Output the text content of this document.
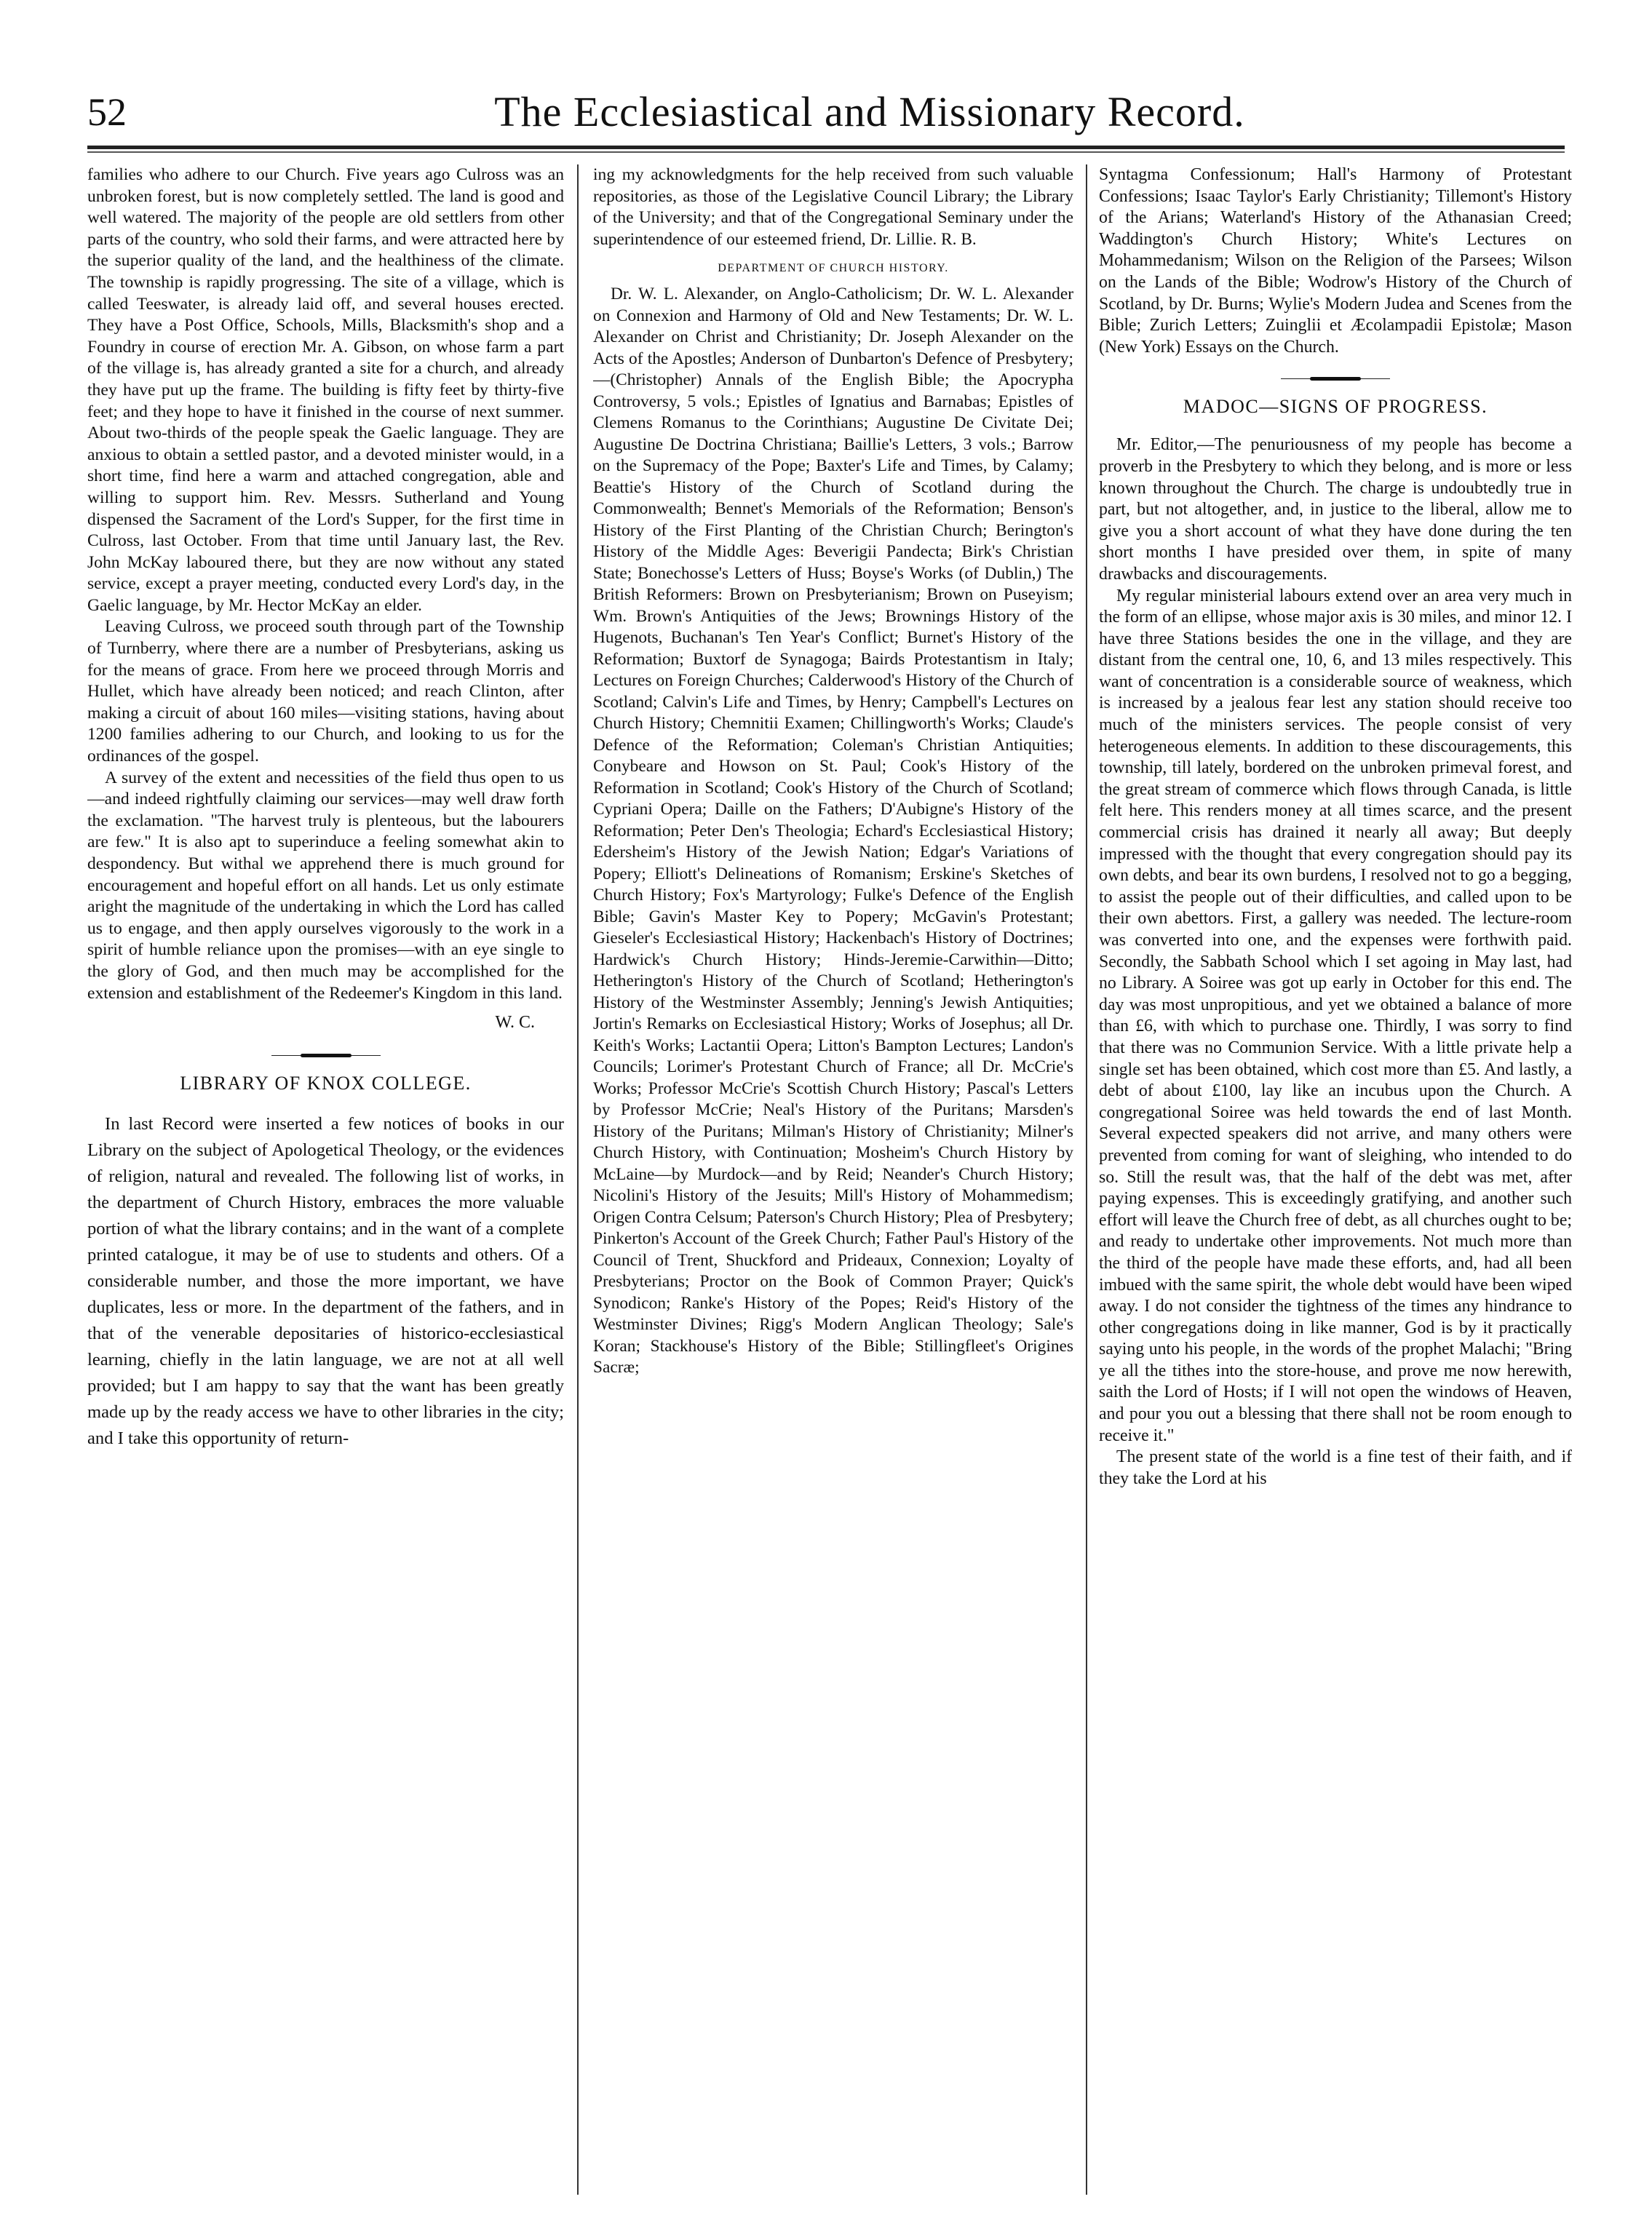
52	The Ecclesiastical and Missionary Record.

families who adhere to our Church. Five years ago Culross was an unbroken forest, but is now completely settled. The land is good and well watered. The majority of the people are old settlers from other parts of the country, who sold their farms, and were attracted here by the superior quality of the land, and the healthiness of the climate. The township is rapidly progressing. The site of a village, which is called Teeswater, is already laid off, and several houses erected. They have a Post Office, Schools, Mills, Blacksmith's shop and a Foundry in course of erection Mr. A. Gibson, on whose farm a part of the village is, has already granted a site for a church, and already they have put up the frame. The building is fifty feet by thirty-five feet; and they hope to have it finished in the course of next summer. About two-thirds of the people speak the Gaelic language. They are anxious to obtain a settled pastor, and a devoted minister would, in a short time, find here a warm and attached congregation, able and willing to support him. Rev. Messrs. Sutherland and Young dispensed the Sacrament of the Lord's Supper, for the first time in Culross, last October. From that time until January last, the Rev. John McKay laboured there, but they are now without any stated service, except a prayer meeting, conducted every Lord's day, in the Gaelic language, by Mr. Hector McKay an elder.

Leaving Culross, we proceed south through part of the Township of Turnberry, where there are a number of Presbyterians, asking us for the means of grace. From here we proceed through Morris and Hullet, which have already been noticed; and reach Clinton, after making a circuit of about 160 miles—visiting stations, having about 1200 families adhering to our Church, and looking to us for the ordinances of the gospel.

A survey of the extent and necessities of the field thus open to us—and indeed rightfully claiming our services—may well draw forth the exclamation. "The harvest truly is plenteous, but the labourers are few." It is also apt to superinduce a feeling somewhat akin to despondency. But withal we apprehend there is much ground for encouragement and hopeful effort on all hands. Let us only estimate aright the magnitude of the undertaking in which the Lord has called us to engage, and then apply ourselves vigorously to the work in a spirit of humble reliance upon the promises—with an eye single to the glory of God, and then much may be accomplished for the extension and establishment of the Redeemer's Kingdom in this land.

W. C.
LIBRARY OF KNOX COLLEGE.

In last Record were inserted a few notices of books in our Library on the subject of Apologetical Theology, or the evidences of religion, natural and revealed. The following list of works, in the department of Church History, embraces the more valuable portion of what the library contains; and in the want of a complete printed catalogue, it may be of use to students and others. Of a considerable number, and those the more important, we have duplicates, less or more. In the department of the fathers, and in that of the venerable depositaries of historico-ecclesiastical learning, chiefly in the latin language, we are not at all well provided; but I am happy to say that the want has been greatly made up by the ready access we have to other libraries in the city; and I take this opportunity of return-

ing my acknowledgments for the help received from such valuable repositories, as those of the Legislative Council Library; the Library of the University; and that of the Congregational Seminary under the superintendence of our esteemed friend, Dr. Lillie. R. B.

DEPARTMENT OF CHURCH HISTORY.

Dr. W. L. Alexander, on Anglo-Catholicism; Dr. W. L. Alexander on Connexion and Harmony of Old and New Testaments; Dr. W. L. Alexander on Christ and Christianity; Dr. Joseph Alexander on the Acts of the Apostles; Anderson of Dunbarton's Defence of Presbytery;—(Christopher) Annals of the English Bible; the Apocrypha Controversy, 5 vols.; Epistles of Ignatius and Barnabas; Epistles of Clemens Romanus to the Corinthians; Augustine De Civitate Dei; Augustine De Doctrina Christiana; Baillie's Letters, 3 vols.; Barrow on the Supremacy of the Pope; Baxter's Life and Times, by Calamy; Beattie's History of the Church of Scotland during the Commonwealth; Bennet's Memorials of the Reformation; Benson's History of the First Planting of the Christian Church; Berington's History of the Middle Ages: Beverigii Pandecta; Birk's Christian State; Bonechosse's Letters of Huss; Boyse's Works (of Dublin,) The British Reformers: Brown on Presbyterianism; Brown on Puseyism; Wm. Brown's Antiquities of the Jews; Brownings History of the Hugenots, Buchanan's Ten Year's Conflict; Burnet's History of the Reformation; Buxtorf de Synagoga; Bairds Protestantism in Italy; Lectures on Foreign Churches; Calderwood's History of the Church of Scotland; Calvin's Life and Times, by Henry; Campbell's Lectures on Church History; Chemnitii Examen; Chillingworth's Works; Claude's Defence of the Reformation; Coleman's Christian Antiquities; Conybeare and Howson on St. Paul; Cook's History of the Reformation in Scotland; Cook's History of the Church of Scotland; Cypriani Opera; Daille on the Fathers; D'Aubigne's History of the Reformation; Peter Den's Theologia; Echard's Ecclesiastical History; Edersheim's History of the Jewish Nation; Edgar's Variations of Popery; Elliott's Delineations of Romanism; Erskine's Sketches of Church History; Fox's Martyrology; Fulke's Defence of the English Bible; Gavin's Master Key to Popery; McGavin's Protestant; Gieseler's Ecclesiastical History; Hackenbach's History of Doctrines; Hardwick's Church History; Hinds-Jeremie-Carwithin—Ditto; Hetherington's History of the Church of Scotland; Hetherington's History of the Westminster Assembly; Jenning's Jewish Antiquities; Jortin's Remarks on Ecclesiastical History; Works of Josephus; all Dr. Keith's Works; Lactantii Opera; Litton's Bampton Lectures; Landon's Councils; Lorimer's Protestant Church of France; all Dr. McCrie's Works; Professor McCrie's Scottish Church History; Pascal's Letters by Professor McCrie; Neal's History of the Puritans; Marsden's History of the Puritans; Milman's History of Christianity; Milner's Church History, with Continuation; Mosheim's Church History by McLaine—by Murdock—and by Reid; Neander's Church History; Nicolini's History of the Jesuits; Mill's History of Mohammedism; Origen Contra Celsum; Paterson's Church History; Plea of Presbytery; Pinkerton's Account of the Greek Church; Father Paul's History of the Council of Trent, Shuckford and Prideaux, Connexion; Loyalty of Presbyterians; Proctor on the Book of Common Prayer; Quick's Synodicon; Ranke's History of the Popes; Reid's History of the Westminster Divines; Rigg's Modern Anglican Theology; Sale's Koran; Stackhouse's History of the Bible; Stillingfleet's Origines Sacræ;

Syntagma Confessionum; Hall's Harmony of Protestant Confessions; Isaac Taylor's Early Christianity; Tillemont's History of the Arians; Waterland's History of the Athanasian Creed; Waddington's Church History; White's Lectures on Mohammedanism; Wilson on the Religion of the Parsees; Wilson on the Lands of the Bible; Wodrow's History of the Church of Scotland, by Dr. Burns; Wylie's Modern Judea and Scenes from the Bible; Zurich Letters; Zuinglii et Æcolampadii Epistolæ; Mason (New York) Essays on the Church.

MADOC—SIGNS OF PROGRESS.

Mr. Editor,—The penuriousness of my people has become a proverb in the Presbytery to which they belong, and is more or less known throughout the Church. The charge is undoubtedly true in part, but not altogether, and, in justice to the liberal, allow me to give you a short account of what they have done during the ten short months I have presided over them, in spite of many drawbacks and discouragements.

My regular ministerial labours extend over an area very much in the form of an ellipse, whose major axis is 30 miles, and minor 12. I have three Stations besides the one in the village, and they are distant from the central one, 10, 6, and 13 miles respectively. This want of concentration is a considerable source of weakness, which is increased by a jealous fear lest any station should receive too much of the ministers services. The people consist of very heterogeneous elements. In addition to these discouragements, this township, till lately, bordered on the unbroken primeval forest, and the great stream of commerce which flows through Canada, is little felt here. This renders money at all times scarce, and the present commercial crisis has drained it nearly all away; But deeply impressed with the thought that every congregation should pay its own debts, and bear its own burdens, I resolved not to go a begging, to assist the people out of their difficulties, and called upon to be their own abettors. First, a gallery was needed. The lecture-room was converted into one, and the expenses were forthwith paid. Secondly, the Sabbath School which I set agoing in May last, had no Library. A Soiree was got up early in October for this end. The day was most unpropitious, and yet we obtained a balance of more than £6, with which to purchase one. Thirdly, I was sorry to find that there was no Communion Service. With a little private help a single set has been obtained, which cost more than £5. And lastly, a debt of about £100, lay like an incubus upon the Church. A congregational Soiree was held towards the end of last Month. Several expected speakers did not arrive, and many others were prevented from coming for want of sleighing, who intended to do so. Still the result was, that the half of the debt was met, after paying expenses. This is exceedingly gratifying, and another such effort will leave the Church free of debt, as all churches ought to be; and ready to undertake other improvements. Not much more than the third of the people have made these efforts, and, had all been imbued with the same spirit, the whole debt would have been wiped away. I do not consider the tightness of the times any hindrance to other congregations doing in like manner, God is by it practically saying unto his people, in the words of the prophet Malachi; "Bring ye all the tithes into the store-house, and prove me now herewith, saith the Lord of Hosts; if I will not open the windows of Heaven, and pour you out a blessing that there shall not be room enough to receive it."

The present state of the world is a fine test of their faith, and if they take the Lord at his
